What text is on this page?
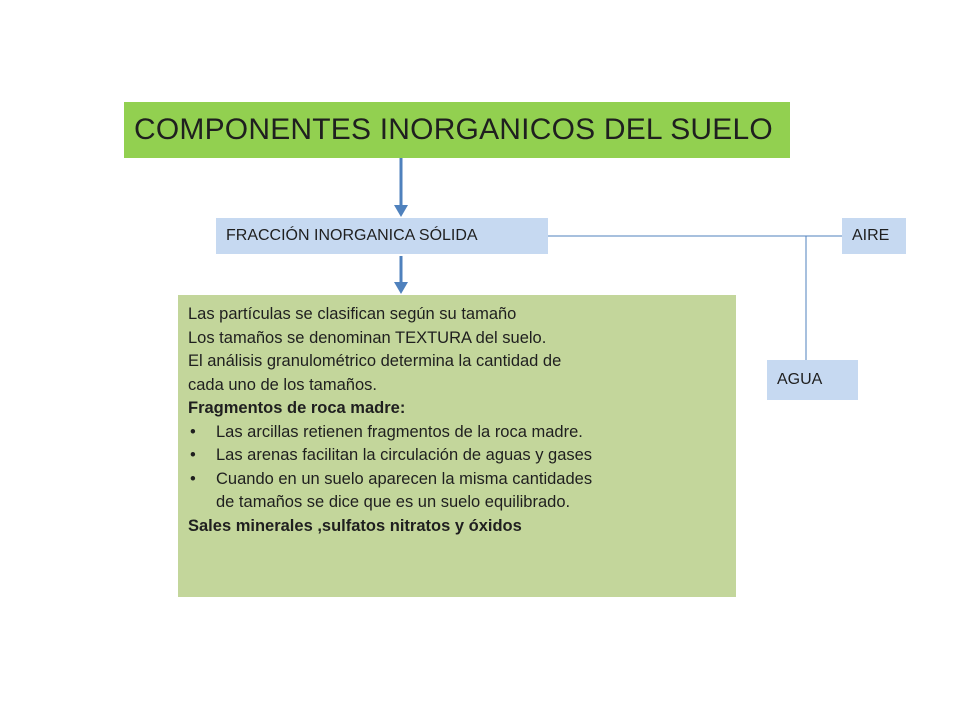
COMPONENTES INORGANICOS DEL SUELO
FRACCIÓN INORGANICA SÓLIDA	AIRE
AGUA
Las partículas se clasifican según su tamaño
Los tamaños se denominan TEXTURA del suelo.
El análisis granulométrico determina la cantidad de
cada uno de los tamaños.
Fragmentos de roca madre:
• Las arcillas retienen fragmentos de la roca madre.
• Las arenas facilitan la circulación de aguas y gases
• Cuando en un suelo aparecen la misma cantidades
de tamaños se dice que es un suelo equilibrado.
Sales minerales ,sulfatos nitratos y óxidos
